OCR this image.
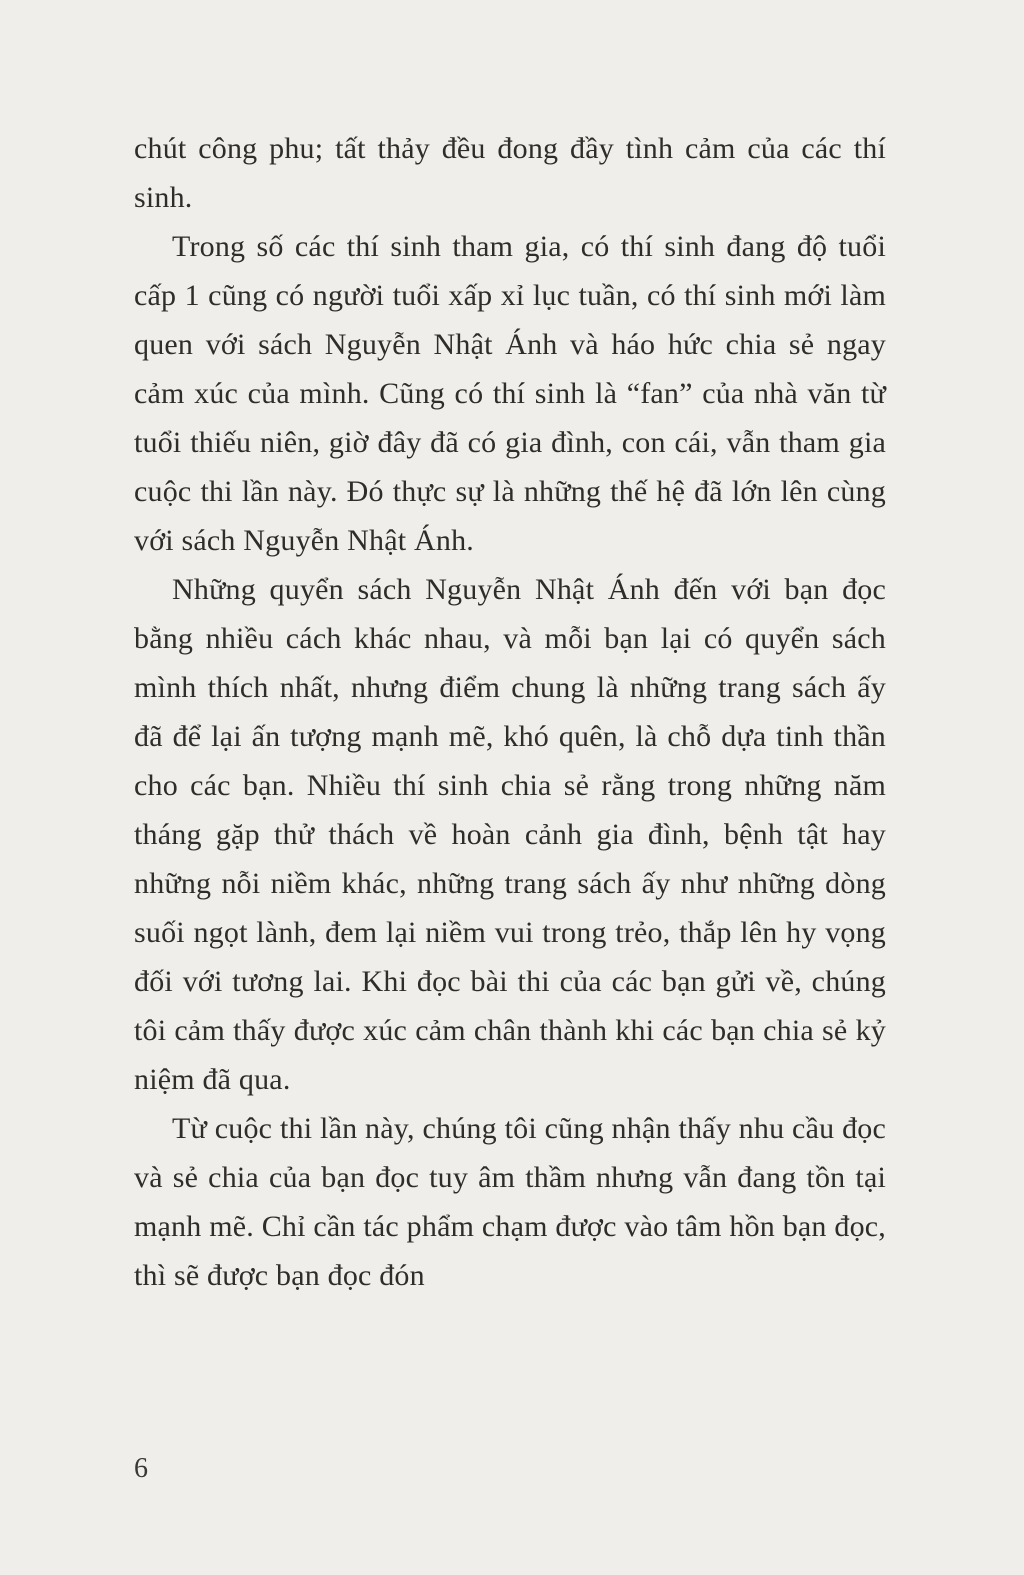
chút công phu; tất thảy đều đong đầy tình cảm của các thí sinh.

Trong số các thí sinh tham gia, có thí sinh đang độ tuổi cấp 1 cũng có người tuổi xấp xỉ lục tuần, có thí sinh mới làm quen với sách Nguyễn Nhật Ánh và háo hức chia sẻ ngay cảm xúc của mình. Cũng có thí sinh là “fan” của nhà văn từ tuổi thiếu niên, giờ đây đã có gia đình, con cái, vẫn tham gia cuộc thi lần này. Đó thực sự là những thế hệ đã lớn lên cùng với sách Nguyễn Nhật Ánh.

Những quyển sách Nguyễn Nhật Ánh đến với bạn đọc bằng nhiều cách khác nhau, và mỗi bạn lại có quyển sách mình thích nhất, nhưng điểm chung là những trang sách ấy đã để lại ấn tượng mạnh mẽ, khó quên, là chỗ dựa tinh thần cho các bạn. Nhiều thí sinh chia sẻ rằng trong những năm tháng gặp thử thách về hoàn cảnh gia đình, bệnh tật hay những nỗi niềm khác, những trang sách ấy như những dòng suối ngọt lành, đem lại niềm vui trong trẻo, thắp lên hy vọng đối với tương lai. Khi đọc bài thi của các bạn gửi về, chúng tôi cảm thấy được xúc cảm chân thành khi các bạn chia sẻ kỷ niệm đã qua.

Từ cuộc thi lần này, chúng tôi cũng nhận thấy nhu cầu đọc và sẻ chia của bạn đọc tuy âm thầm nhưng vẫn đang tồn tại mạnh mẽ. Chỉ cần tác phẩm chạm được vào tâm hồn bạn đọc, thì sẽ được bạn đọc đón

6
